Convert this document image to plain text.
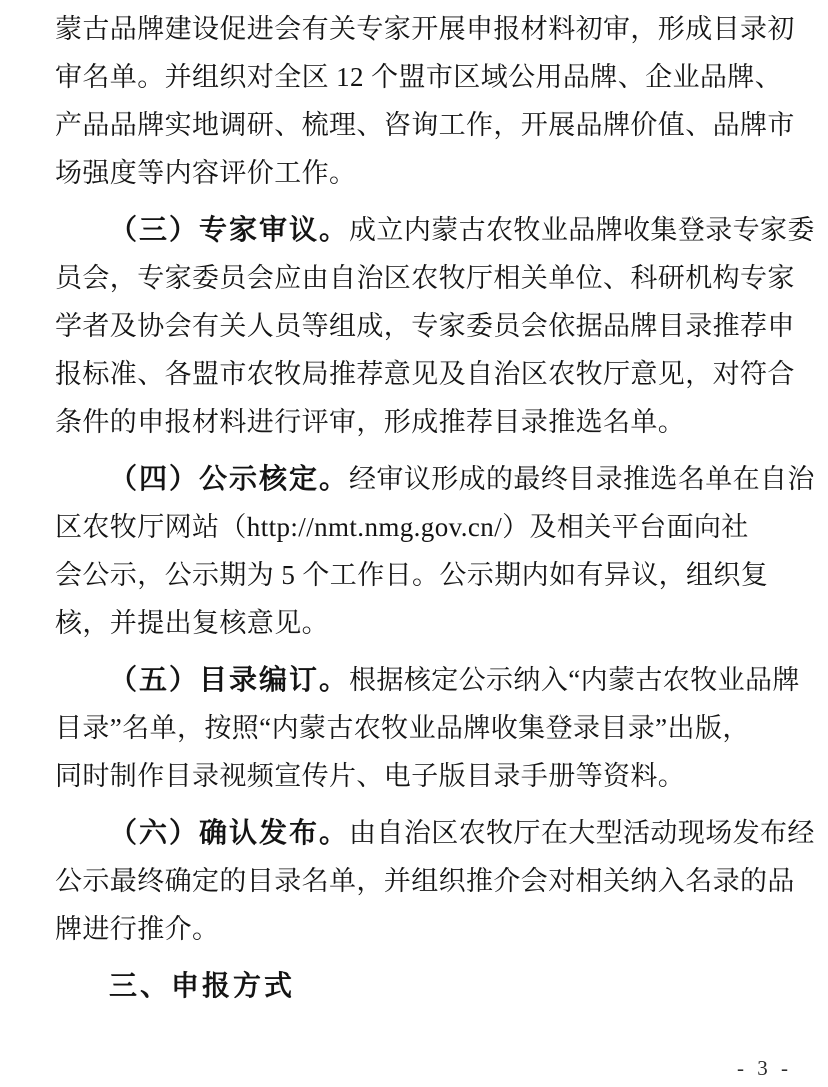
蒙古品牌建设促进会有关专家开展申报材料初审，形成目录初
审名单。并组织对全区 12 个盟市区域公用品牌、企业品牌、
产品品牌实地调研、梳理、咨询工作，开展品牌价值、品牌市
场强度等内容评价工作。
（三）专家审议。成立内蒙古农牧业品牌收集登录专家委
员会，专家委员会应由自治区农牧厅相关单位、科研机构专家
学者及协会有关人员等组成，专家委员会依据品牌目录推荐申
报标准、各盟市农牧局推荐意见及自治区农牧厅意见，对符合
条件的申报材料进行评审，形成推荐目录推选名单。
（四）公示核定。经审议形成的最终目录推选名单在自治
区农牧厅网站（http://nmt.nmg.gov.cn/）及相关平台面向社
会公示，公示期为 5 个工作日。公示期内如有异议，组织复
核，并提出复核意见。
（五）目录编订。根据核定公示纳入“内蒙古农牧业品牌
目录”名单，按照“内蒙古农牧业品牌收集登录目录”出版，
同时制作目录视频宣传片、电子版目录手册等资料。
（六）确认发布。由自治区农牧厅在大型活动现场发布经
公示最终确定的目录名单，并组织推介会对相关纳入名录的品
牌进行推介。
三、申报方式
- 3 -
